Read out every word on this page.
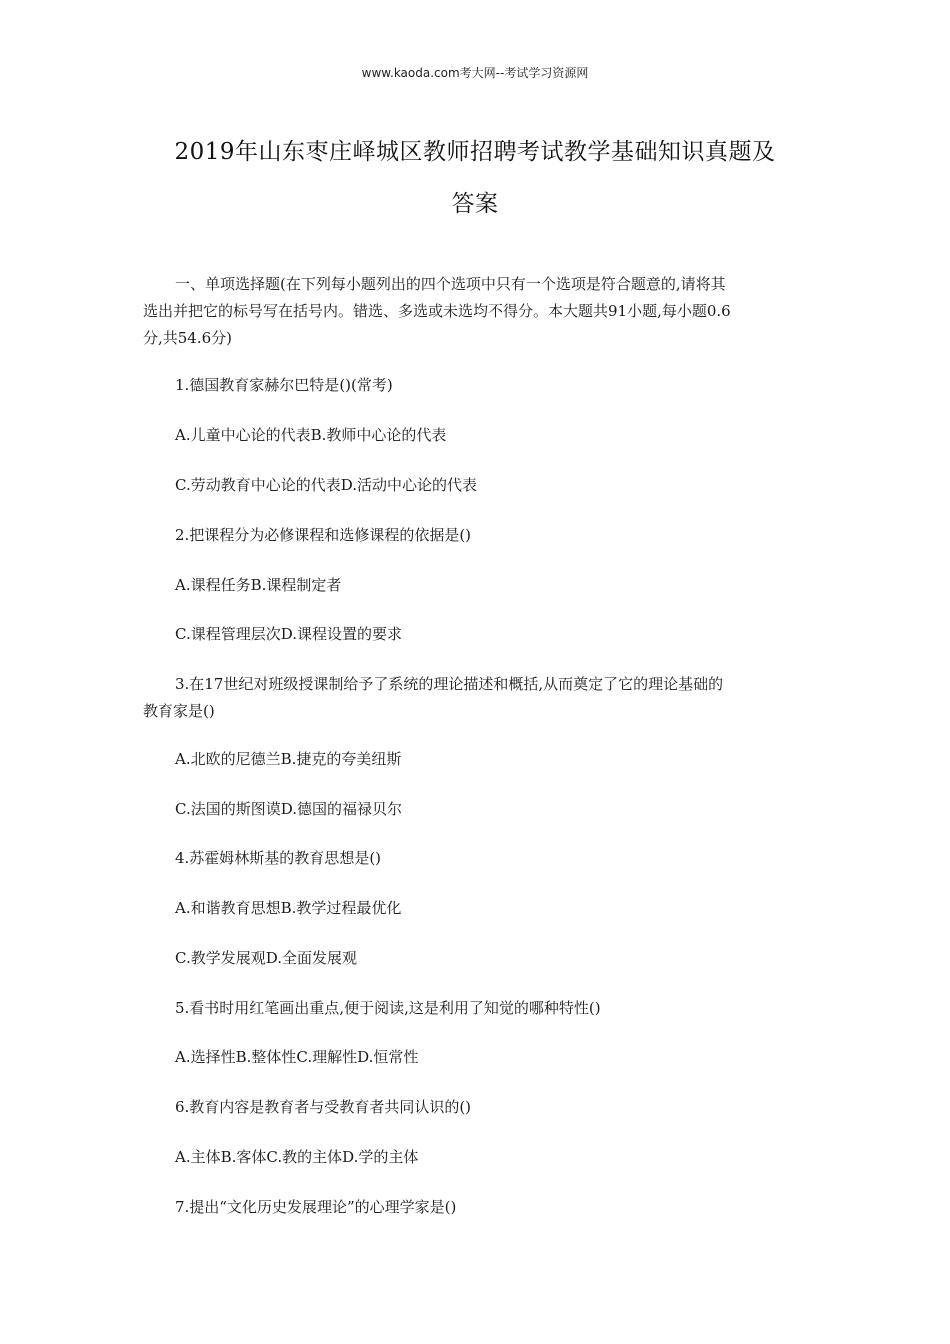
www.kaoda.com考大网--考试学习资源网
2019年山东枣庄峄城区教师招聘考试教学基础知识真题及
答案
一、单项选择题(在下列每小题列出的四个选项中只有一个选项是符合题意的,请将其
选出并把它的标号写在括号内。错选、多选或未选均不得分。本大题共91小题,每小题0.6
分,共54.6分)
1.德国教育家赫尔巴特是()(常考)
A.儿童中心论的代表B.教师中心论的代表
C.劳动教育中心论的代表D.活动中心论的代表
2.把课程分为必修课程和选修课程的依据是()
A.课程任务B.课程制定者
C.课程管理层次D.课程设置的要求
3.在17世纪对班级授课制给予了系统的理论描述和概括,从而奠定了它的理论基础的
教育家是()
A.北欧的尼德兰B.捷克的夸美纽斯
C.法国的斯图谟D.德国的福禄贝尔
4.苏霍姆林斯基的教育思想是()
A.和谐教育思想B.教学过程最优化
C.教学发展观D.全面发展观
5.看书时用红笔画出重点,便于阅读,这是利用了知觉的哪种特性()
A.选择性B.整体性C.理解性D.恒常性
6.教育内容是教育者与受教育者共同认识的()
A.主体B.客体C.教的主体D.学的主体
7.提出“文化历史发展理论”的心理学家是()
